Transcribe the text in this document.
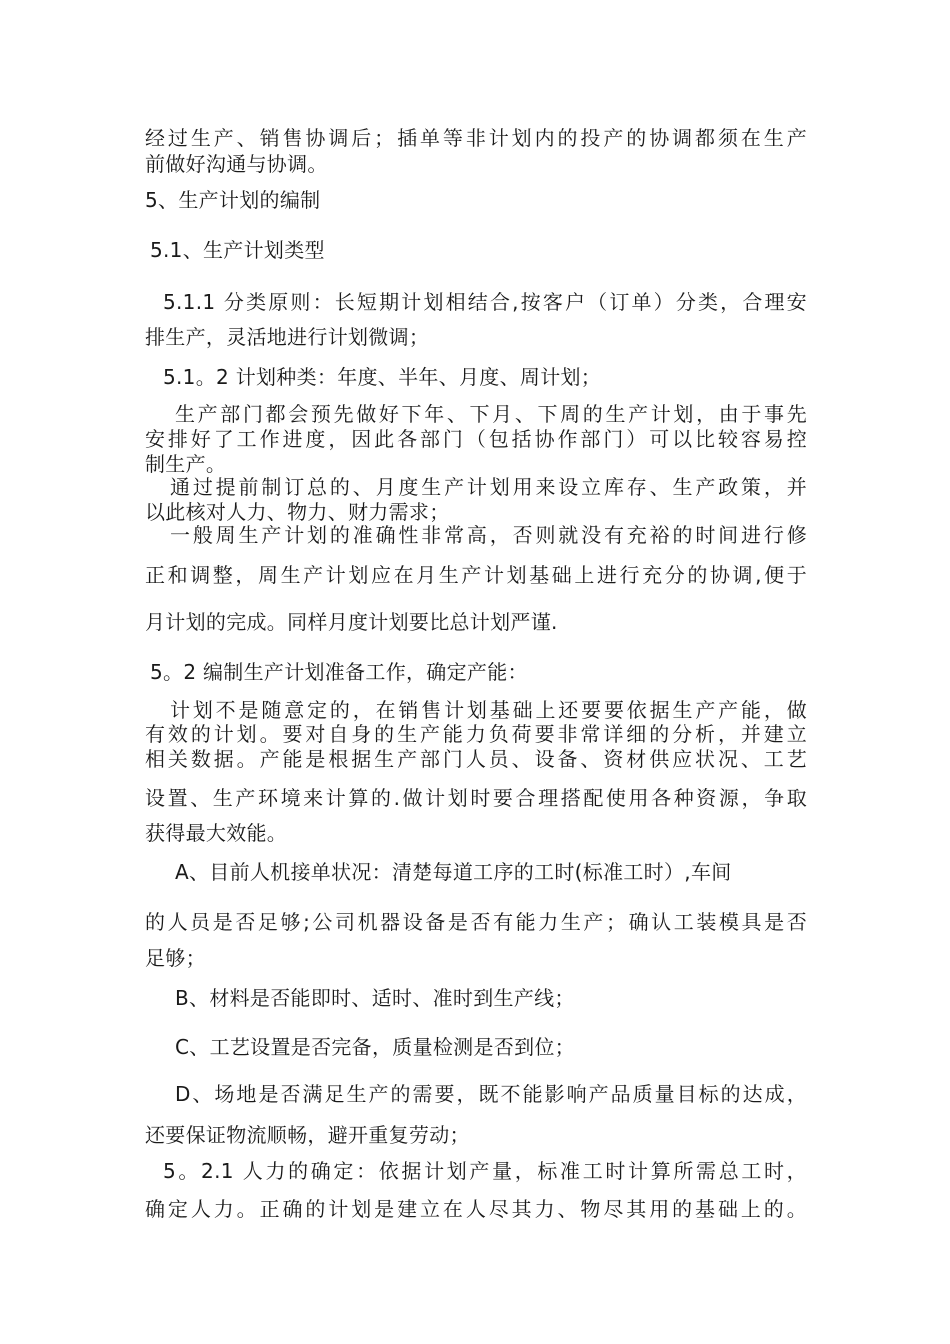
经过生产、销售协调后；插单等非计划内的投产的协调都须在生产
前做好沟通与协调。
5、生产计划的编制
5.1、生产计划类型
5.1.1 分类原则：长短期计划相结合,按客户（订单）分类，合理安
排生产，灵活地进行计划微调；
5.1。2 计划种类：年度、半年、月度、周计划；
生产部门都会预先做好下年、下月、下周的生产计划，由于事先
安排好了工作进度，因此各部门（包括协作部门）可以比较容易控
制生产。
通过提前制订总的、月度生产计划用来设立库存、生产政策，并
以此核对人力、物力、财力需求；
一般周生产计划的准确性非常高，否则就没有充裕的时间进行修
正和调整，周生产计划应在月生产计划基础上进行充分的协调,便于
月计划的完成。同样月度计划要比总计划严谨.
5。2 编制生产计划准备工作，确定产能：
计划不是随意定的，在销售计划基础上还要要依据生产产能，做
有效的计划。要对自身的生产能力负荷要非常详细的分析，并建立
相关数据。产能是根据生产部门人员、设备、资材供应状况、工艺
设置、生产环境来计算的.做计划时要合理搭配使用各种资源，争取
获得最大效能。
A、目前人机接单状况：清楚每道工序的工时(标准工时）,车间
的人员是否足够;公司机器设备是否有能力生产；确认工装模具是否
足够；
B、材料是否能即时、适时、准时到生产线；
C、工艺设置是否完备，质量检测是否到位；
D、场地是否满足生产的需要，既不能影响产品质量目标的达成，
还要保证物流顺畅，避开重复劳动；
5。2.1 人力的确定：依据计划产量，标准工时计算所需总工时，
确定人力。正确的计划是建立在人尽其力、物尽其用的基础上的。
